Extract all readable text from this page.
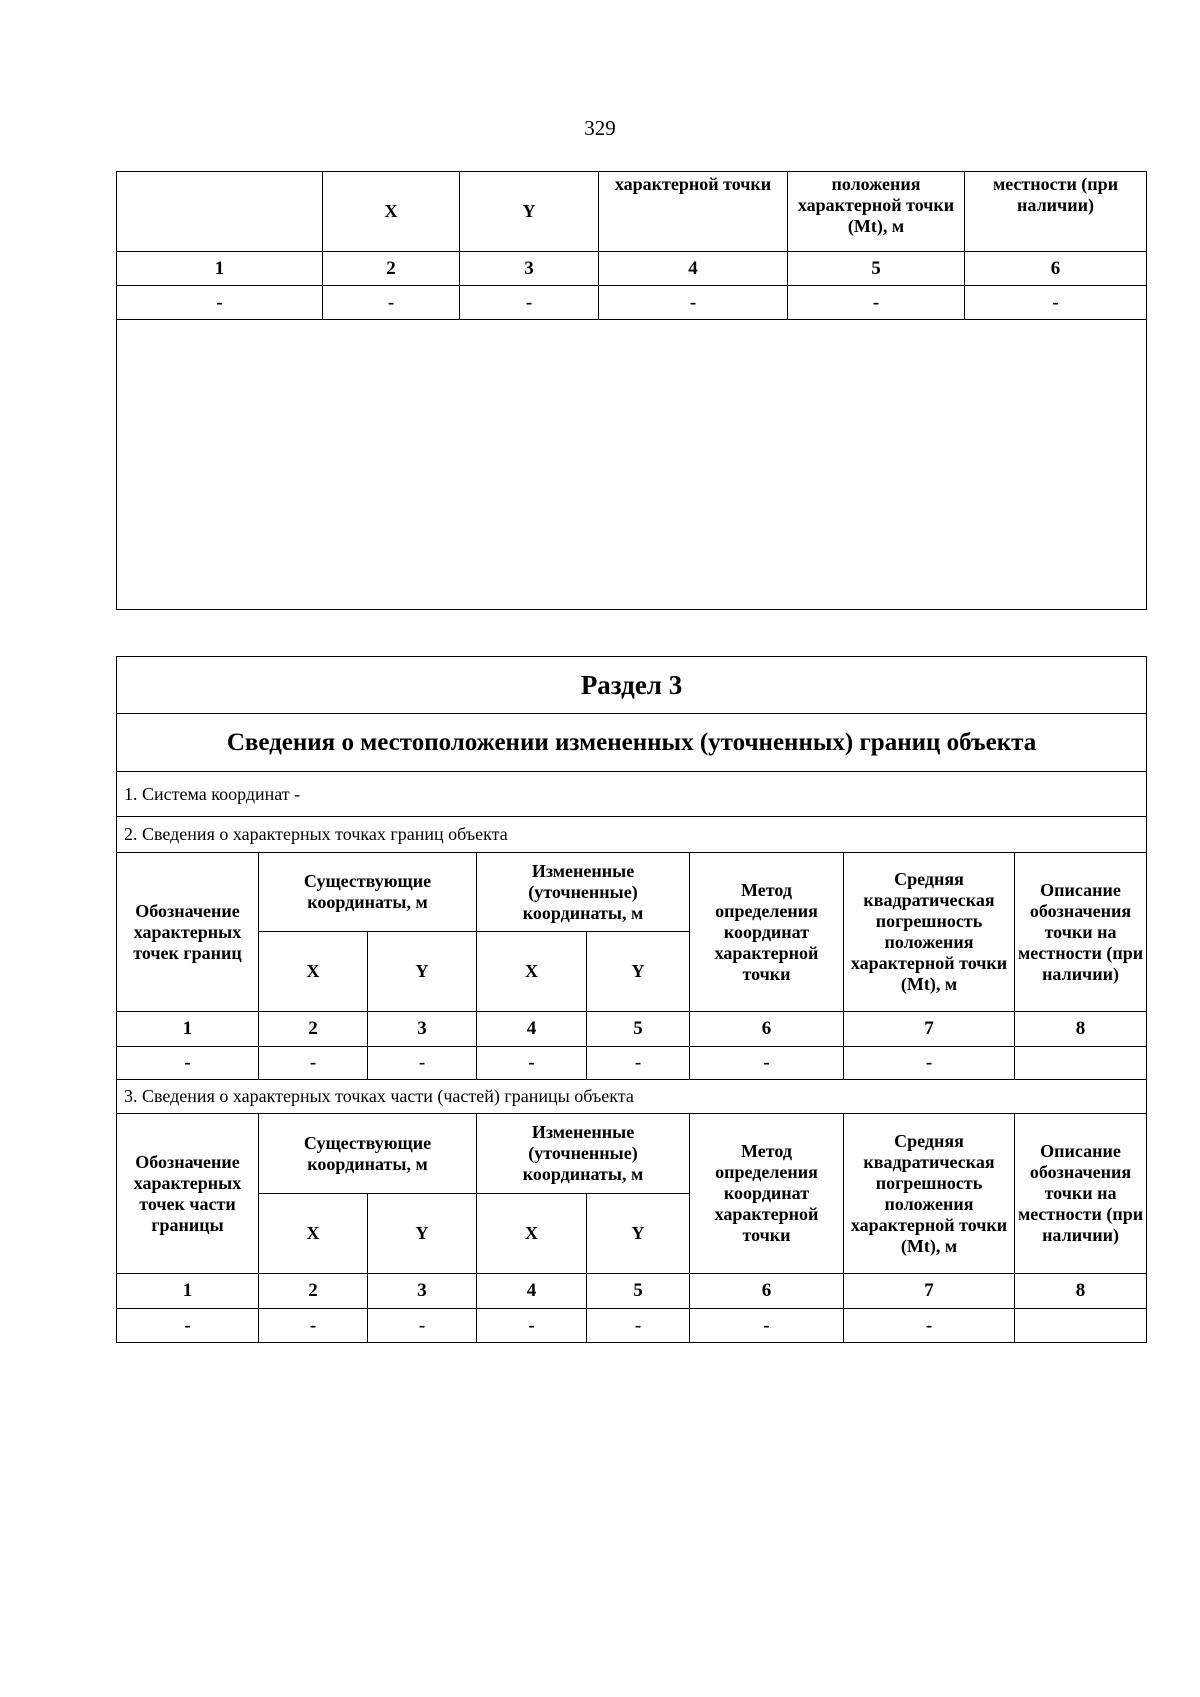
329
	X	Y	характерной точки	положения характерной точки (Mt), м	местности (при наличии)
1	2	3	4	5	6
-	-	-	-	-	-

Раздел 3							
Сведения о местоположении измененных (уточненных) границ объекта							
1. Система координат -							
2. Сведения о характерных точках границ объекта							
Обозначение характерных точек границ	Существующие координаты, м		Измененные (уточненные) координаты, м		Метод определения координат характерной точки	Средняя квадратическая погрешность положения характерной точки (Mt), м	Описание обозначения точки на местности (при наличии)
	X	Y	X	Y			
1	2	3	4	5	6	7	8
-	-	-	-	-	-	-	
3. Сведения о характерных точках части (частей) границы объекта							
Обозначение характерных точек части границы	Существующие координаты, м		Измененные (уточненные) координаты, м		Метод определения координат характерной точки	Средняя квадратическая погрешность положения характерной точки (Mt), м	Описание обозначения точки на местности (при наличии)
	X	Y	X	Y			
1	2	3	4	5	6	7	8
-	-	-	-	-	-	-	
